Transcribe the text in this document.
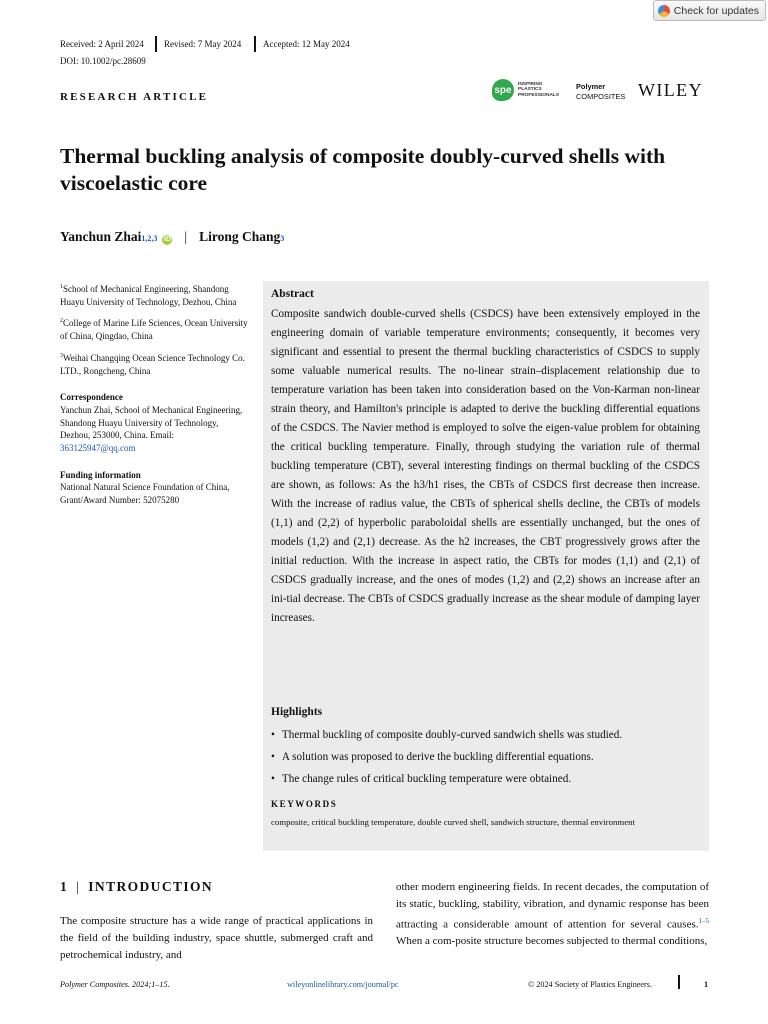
Check for updates
Received: 2 April 2024 Revised: 7 May 2024 Accepted: 12 May 2024
DOI: 10.1002/pc.28609
RESEARCH ARTICLE
spe
INSPIRING
PLASTICS
PROFESSIONALS
Polymer
COMPOSITES WILEY
Thermal buckling analysis of composite doubly-curved shells with viscoelastic core
Yanchun Zhai 1,2,3 iD | Lirong Chang 3

$^1$School of Mechanical Engineering, Shandong Huayu University of Technology, Dezhou, China

$^2$College of Marine Life Sciences, Ocean University of China, Qingdao, China

$^3$Weihai Changqing Ocean Science Technology Co. LTD., Rongcheng, China

Correspondence

Yanchun Zhai, School of Mechanical Engineering, Shandong Huayu University of Technology, Dezhou, 253000, China. Email: 363125947@qq.com

Funding information

National Natural Science Foundation of China, Grant/Award Number: 52075280

Abstract
Composite sandwich double-curved shells (CSDCS) have been extensively employed in the engineering domain of variable temperature environments; consequently, it becomes very significant and essential to present the thermal buckling characteristics of CSDCS to supply some valuable numerical results. The no-linear strain–displacement relationship due to temperature variation has been taken into consideration based on the Von-Karman non-linear strain theory, and Hamilton's principle is adapted to derive the buckling differential equations of the CSDCS. The Navier method is employed to solve the eigen-value problem for obtaining the critical buckling temperature. Finally, through studying the variation rule of thermal buckling temperature (CBT), several interesting findings on thermal buckling of the CSDCS are shown, as follows: As the h3/h1 rises, the CBTs of CSDCS first decrease then increase. With the increase of radius value, the CBTs of spherical shells decline, the CBTs of models (1,1) and (2,2) of hyperbolic paraboloidal shells are essentially unchanged, but the ones of models (1,2) and (2,1) decrease. As the h2 increases, the CBT progressively grows after the initial reduction. With the increase in aspect ratio, the CBTs for modes (1,1) and (2,1) of CSDCS gradually increase, and the ones of modes (1,2) and (2,2) shows an increase after an ini-tial decrease. The CBTs of CSDCS gradually increase as the shear module of damping layer increases.
Highlights
• Thermal buckling of composite doubly-curved sandwich shells was studied.
• A solution was proposed to derive the buckling differential equations.
• The change rules of critical buckling temperature were obtained.
KEYWORDS
composite, critical buckling temperature, double curved shell, sandwich structure, thermal environment
1 | INTRODUCTION
The composite structure has a wide range of practical applications in the field of the building industry, space shuttle, submerged craft and petrochemical industry, and
other modern engineering fields. In recent decades, the computation of its static, buckling, stability, vibration, and dynamic response has been attracting a considerable amount of attention for several causes.$^{1-5}$ When a com-posite structure becomes subjected to thermal conditions,
Polymer Composites. 2024;1–15.	wileyonlinelibrary.com/journal/pc	© 2024 Society of Plastics Engineers.	1
